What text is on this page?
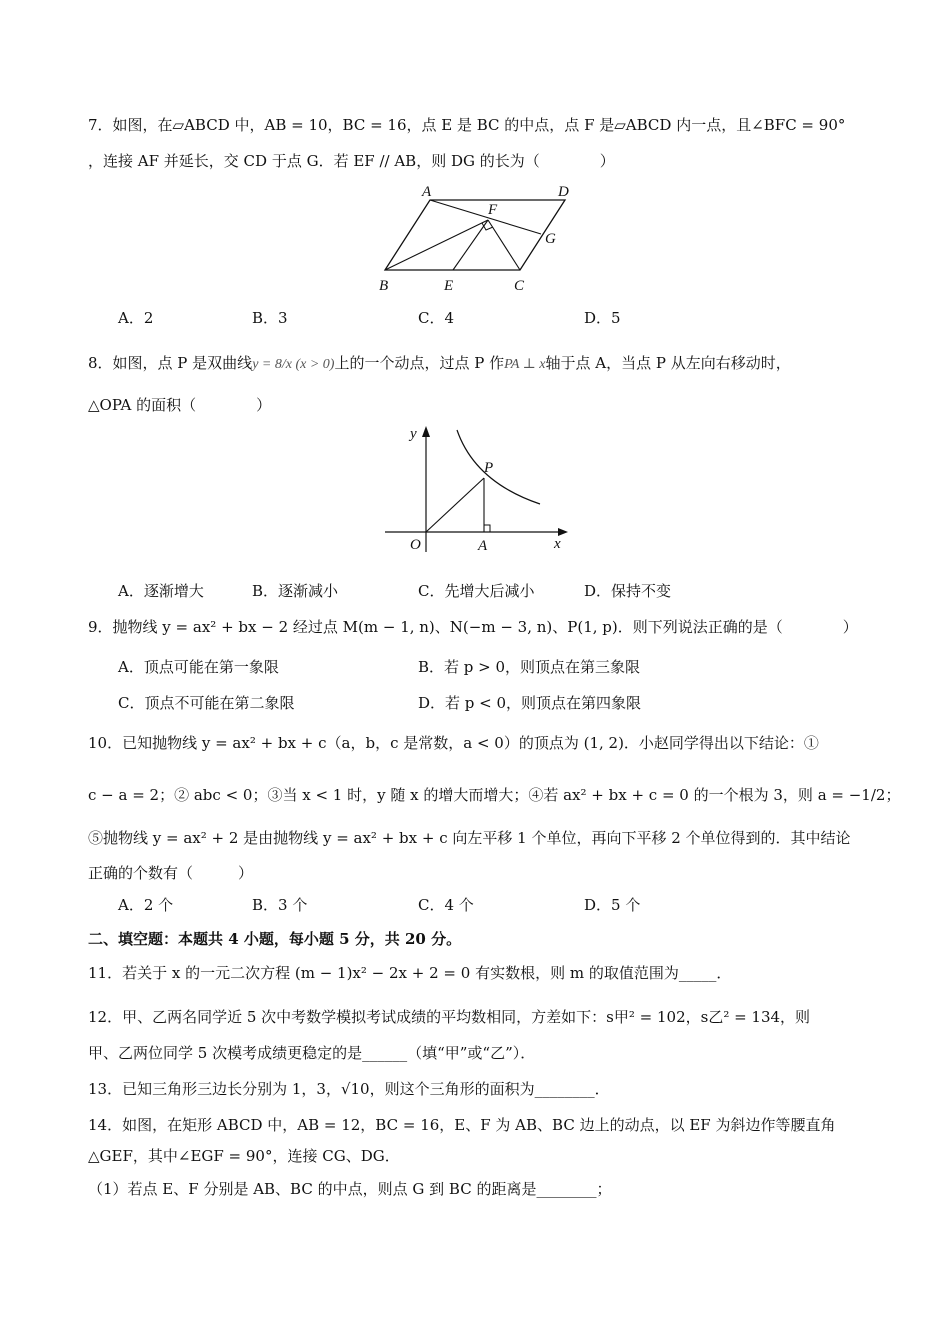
7．如图，在▱ABCD 中，AB = 10，BC = 16，点 E 是 BC 的中点，点 F 是▱ABCD 内一点，且∠BFC = 90°
，连接 AF 并延长，交 CD 于点 G．若 EF // AB，则 DG 的长为（　　　　）
A	D
F
G
B	E	C
A．2	B．3	C．4	D．5
8．如图，点 P 是双曲线y = 8/x (x > 0)上的一个动点，过点 P 作PA ⊥ x轴于点 A，当点 P 从左向右移动时，
△OPA 的面积（　　　　）
y
x
O	A
P
A．逐渐增大	B．逐渐减小	C．先增大后减小	D．保持不变
9．抛物线 y = ax² + bx − 2 经过点 M(m − 1, n)、N(−m − 3, n)、P(1, p)．则下列说法正确的是（　　　　）
A．顶点可能在第一象限	B．若 p > 0，则顶点在第三象限
C．顶点不可能在第二象限	D．若 p < 0，则顶点在第四象限
10．已知抛物线 y = ax² + bx + c（a，b，c 是常数，a < 0）的顶点为 (1, 2)．小赵同学得出以下结论：①
c − a = 2；② abc < 0；③当 x < 1 时，y 随 x 的增大而增大；④若 ax² + bx + c = 0 的一个根为 3，则 a = −1/2；
⑤抛物线 y = ax² + 2 是由抛物线 y = ax² + bx + c 向左平移 1 个单位，再向下平移 2 个单位得到的．其中结论
正确的个数有（　　　）
A．2 个	B．3 个	C．4 个	D．5 个
二、填空题：本题共 4 小题，每小题 5 分，共 20 分。
11．若关于 x 的一元二次方程 (m − 1)x² − 2x + 2 = 0 有实数根，则 m 的取值范围为_____．
12．甲、乙两名同学近 5 次中考数学模拟考试成绩的平均数相同，方差如下：s甲² = 102，s乙² = 134，则
甲、乙两位同学 5 次模考成绩更稳定的是______（填“甲”或“乙”）．
13．已知三角形三边长分别为 1，3，√10，则这个三角形的面积为________．
14．如图，在矩形 ABCD 中，AB = 12，BC = 16，E、F 为 AB、BC 边上的动点，以 EF 为斜边作等腰直角
△GEF，其中∠EGF = 90°，连接 CG、DG．
（1）若点 E、F 分别是 AB、BC 的中点，则点 G 到 BC 的距离是________；
